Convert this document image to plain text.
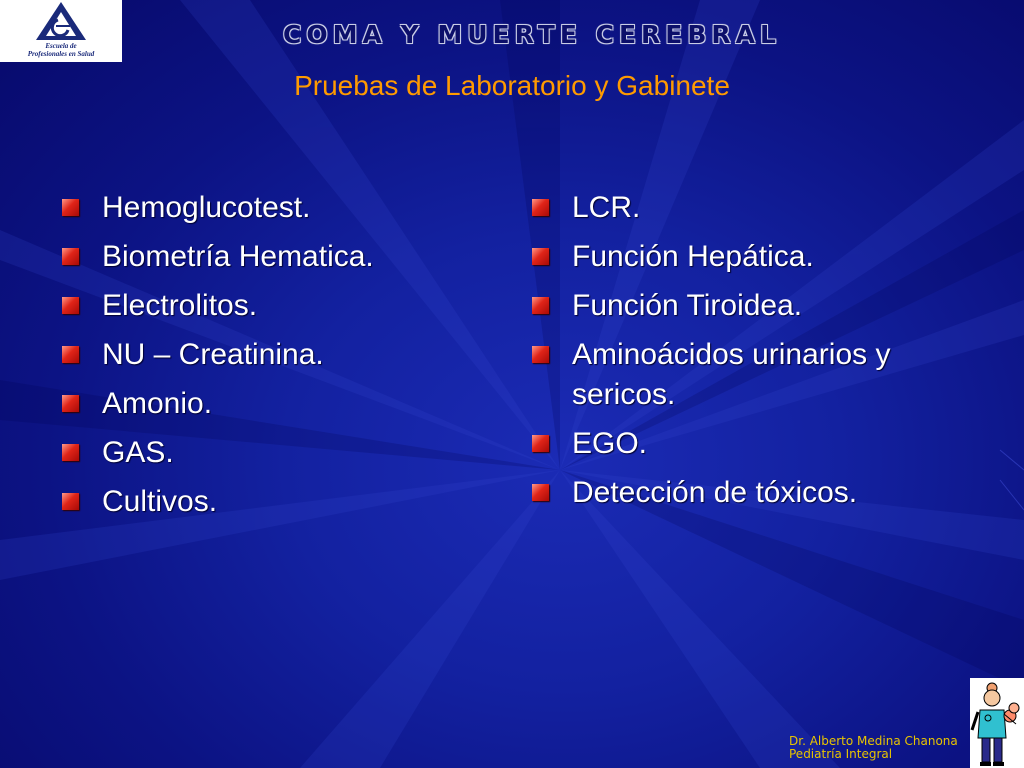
Escuela de
Profesionales en Salud
COMA Y MUERTE CEREBRAL
Pruebas de Laboratorio y Gabinete
Hemoglucotest.
Biometría Hematica.
Electrolitos.
NU – Creatinina.
Amonio.
GAS.
Cultivos.
LCR.
Función Hepática.
Función Tiroidea.
Aminoácidos urinarios y sericos.
EGO.
Detección de tóxicos.
Dr. Alberto Medina Chanona
Pediatría Integral
